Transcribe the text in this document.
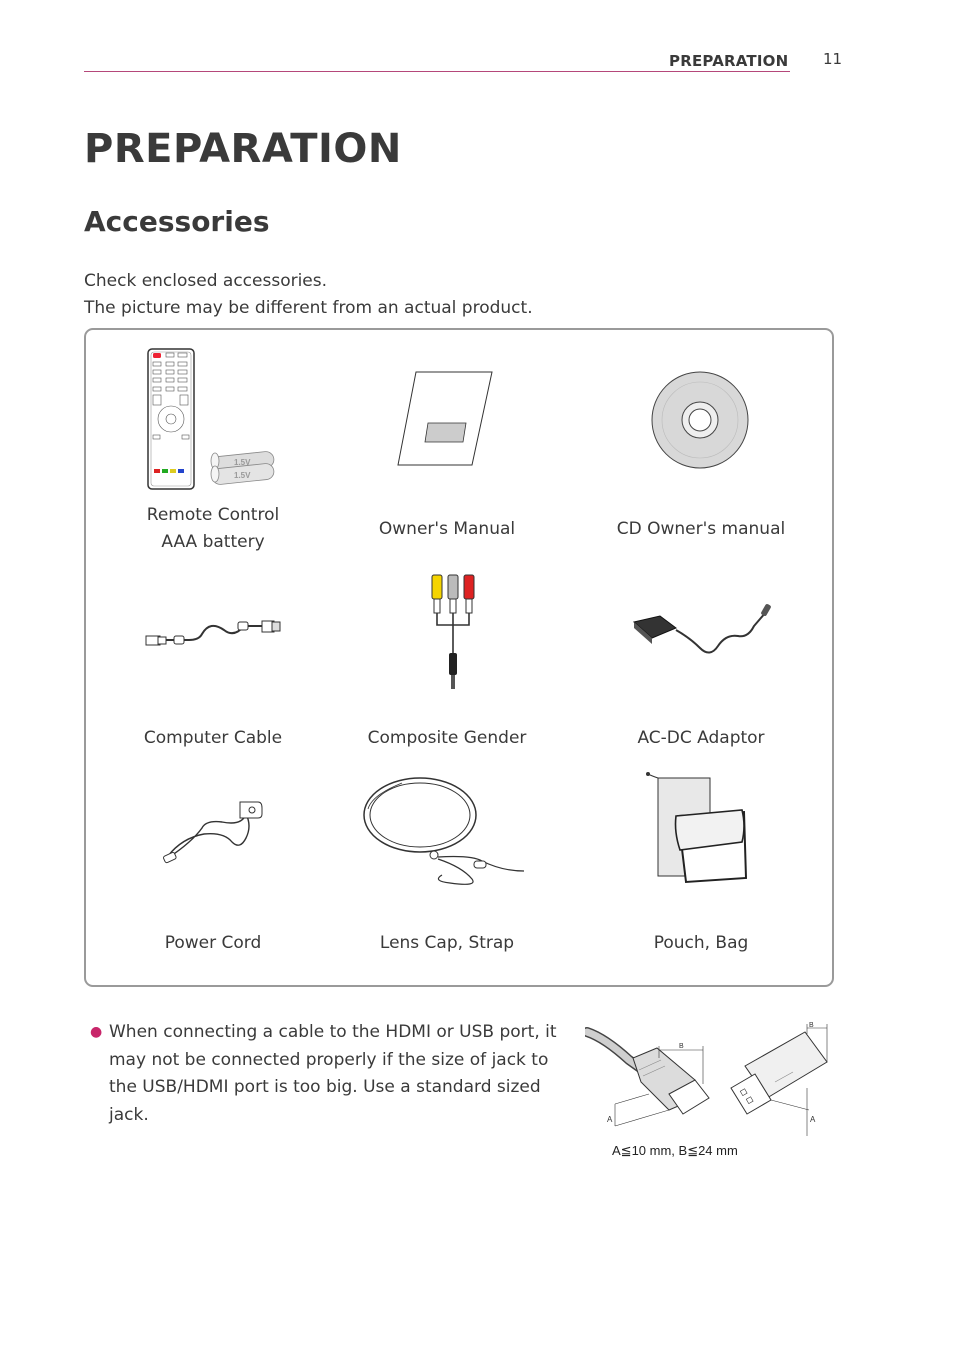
PREPARATION 11
PREPARATION
Accessories

Check enclosed accessories.

The picture may be different from an actual product.

1.5V
1.5V
Remote Control
AAA battery
Owner's Manual	CD Owner's manual
Computer Cable	Composite Gender	AC-DC Adaptor
Power Cord	Lens Cap, Strap	Pouch, Bag
● When connecting a cable to the HDMI or USB port, it may not be connected properly if the size of jack to the USB/HDMI port is too big. Use a standard sized jack.
B
A
B
A
A≦10 mm, B≦24 mm
